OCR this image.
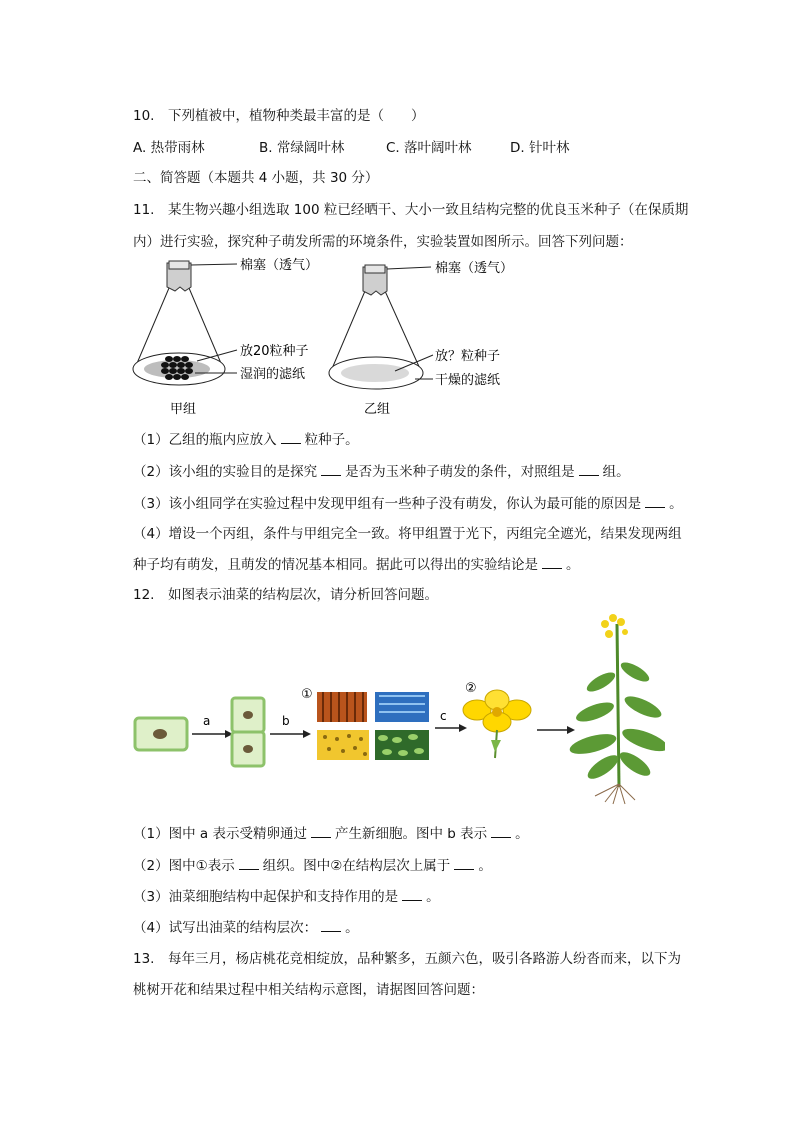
10.　下列植被中，植物种类最丰富的是（　　）
A. 热带雨林	B. 常绿阔叶林	C. 落叶阔叶林	D. 针叶林
二、简答题（本题共 4 小题，共 30 分）
11.　某生物兴趣小组选取 100 粒已经晒干、大小一致且结构完整的优良玉米种子（在保质期
内）进行实验，探究种子萌发所需的环境条件，实验装置如图所示。回答下列问题：
棉塞（透气）
放20粒种子
湿润的滤纸
甲组
棉塞（透气）
放？粒种子
干燥的滤纸
乙组
（1）乙组的瓶内应放入 粒种子。
（2）该小组的实验目的是探究 是否为玉米种子萌发的条件，对照组是 组。
（3）该小组同学在实验过程中发现甲组有一些种子没有萌发，你认为最可能的原因是 。
（4）增设一个丙组，条件与甲组完全一致。将甲组置于光下，丙组完全遮光，结果发现两组
种子均有萌发，且萌发的情况基本相同。据此可以得出的实验结论是 。
12.　如图表示油菜的结构层次，请分析回答问题。
a	b
①
c
②
（1）图中 a 表示受精卵通过 产生新细胞。图中 b 表示 。
（2）图中①表示 组织。图中②在结构层次上属于 。
（3）油菜细胞结构中起保护和支持作用的是 。
（4）试写出油菜的结构层次： 。
13.　每年三月，杨店桃花竞相绽放，品种繁多，五颜六色，吸引各路游人纷沓而来，以下为
桃树开花和结果过程中相关结构示意图，请据图回答问题：
